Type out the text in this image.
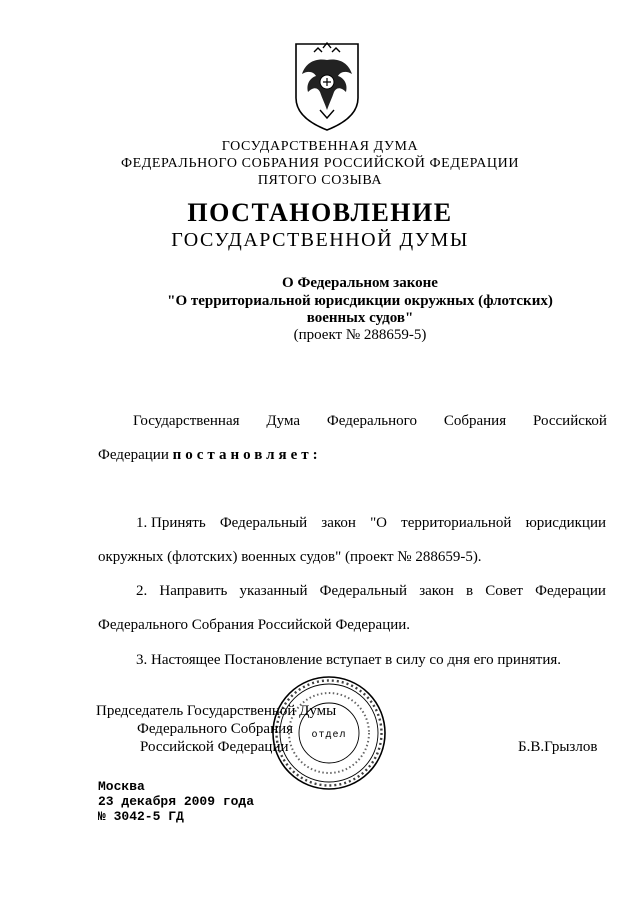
ГОСУДАРСТВЕННАЯ ДУМА
ФЕДЕРАЛЬНОГО СОБРАНИЯ РОССИЙСКОЙ ФЕДЕРАЦИИ
ПЯТОГО СОЗЫВА
ПОСТАНОВЛЕНИЕ
ГОСУДАРСТВЕННОЙ ДУМЫ
О Федеральном законе
"О территориальной юрисдикции окружных (флотских)
военных судов"
(проект № 288659-5)
Государственная Дума Федерального Собрания Российской
Федерации постановляет:
1. Принять Федеральный закон "О территориальной юрисдикции
окружных (флотских) военных судов" (проект № 288659-5).
2. Направить указанный Федеральный закон в Совет Федерации
Федерального Собрания Российской Федерации.
3. Настоящее Постановление вступает в силу со дня его принятия.
Председатель Государственной Думы
Федерального Собрания
Российской Федерации	Б.В.Грызлов
отдел
Москва
23 декабря 2009 года
№ 3042-5 ГД
